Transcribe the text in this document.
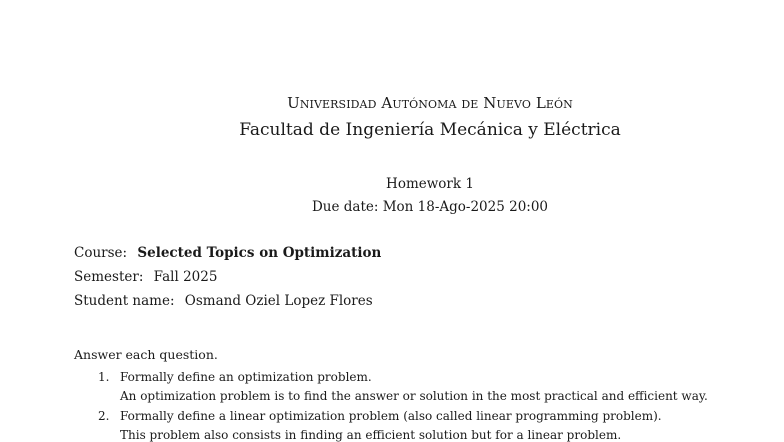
Universidad Autónoma de Nuevo León
Facultad de Ingeniería Mecánica y Eléctrica
Homework 1
Due date: Mon 18-Ago-2025 20:00
Course: Selected Topics on Optimization
Semester: Fall 2025
Student name: Osmand Oziel Lopez Flores
Answer each question.
1. Formally define an optimization problem.
An optimization problem is to find the answer or solution in the most practical and efficient way.
2. Formally define a linear optimization problem (also called linear programming problem).
This problem also consists in finding an efficient solution but for a linear problem.
